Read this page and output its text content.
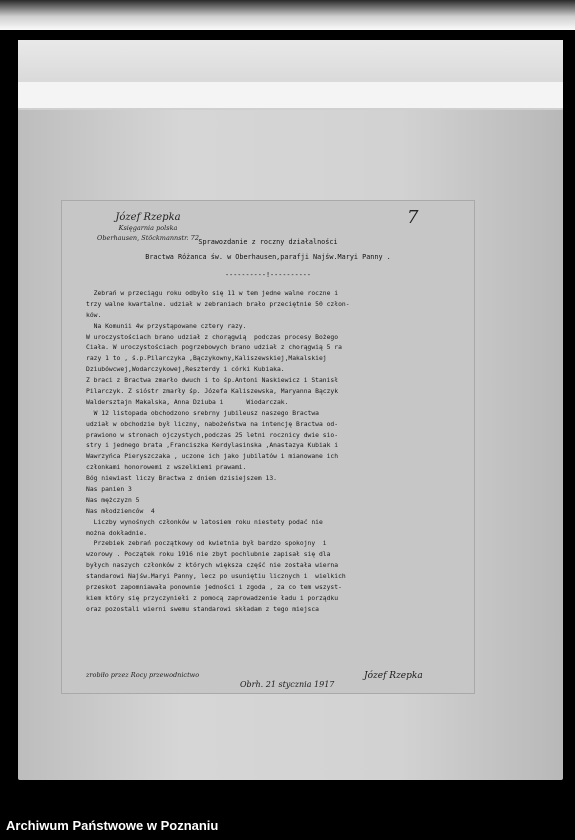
Józef Rzepka
Księgarnia polska
Oberhausen, Stöckmannstr. 72
7
Sprawozdanie z roczny działalności
Bractwa Różanca św. w Oberhausen,parafji Najśw.Maryi Panny .
----------!----------
Zebrań w przeciągu roku odbyło się 11 w tem jedne walne roczne i
trzy walne kwartalne. udział w zebraniach brało przeciętnie 50 człon-
ków.
Na Komunii 4w przystąpowane cztery razy.
W uroczystościach brano udział z chorągwią  podczas procesy Bożego
Ciała. W uroczystościach pogrzebowych brano udział z chorągwią 5 ra
razy 1 to , ś.p.Pilarczyka ,Bączykowny,Kaliszewskiej,Makalskiej
Dziubówcwej,Wodarczykowej,Reszterdy i córki Kubiaka.
Z braci z Bractwa zmarło dwuch i to śp.Antoni Naskiewicz i Stanisł
Pilarczyk. Z sióstr zmarły śp. Józefa Kaliszewska, Maryanna Bączyk
Waldersztajn Makalska, Anna Dziuba i      Wiodarczak.
W 12 listopada obchodzono srebrny jubileusz naszego Bractwa
udział w obchodzie był liczny, nabożeństwa na intencję Bractwa od-
prawiono w stronach ojczystych,podczas 25 letni rocznicy dwie sio-
stry i jednego brata ,Franciszka Kerdylasinska ,Anastazya Kubiak i
Wawrzyńca Pieryszczaka , uczone ich jako jubilatów i mianowane ich
członkami honorowemi z wszelkiemi prawami.
Bóg niewiast liczy Bractwa z dniem dzisiejszem 13.
Nas panien 3
Nas mężczyzn 5
Nas młodzienców  4
Liczby wynośnych członków w latosiem roku niestety podać nie
można dokładnie.
Przebiek zebrań początkowy od kwietnia był bardzo spokojny  i
wzorowy . Początek roku 1916 nie zbyt pochlubnie zapisał się dla
byłych naszych członków z których większa część nie została wierna
standarowi Najśw.Maryi Panny, lecz po usuniętiu licznych i  wielkich
przeskot zapomniawała ponownie jedności i zgoda , za co tem wszyst-
kiem który się przyczyniełi z pomocą zaprowadzenie ładu i porządku
oraz pozostali wierni swemu standarowi składam z tego miejsca
zrobiło przez Rocy przewodnictwo
Obrh. 21 stycznia 1917
Józef Rzepka
Archiwum Państwowe w Poznaniu
